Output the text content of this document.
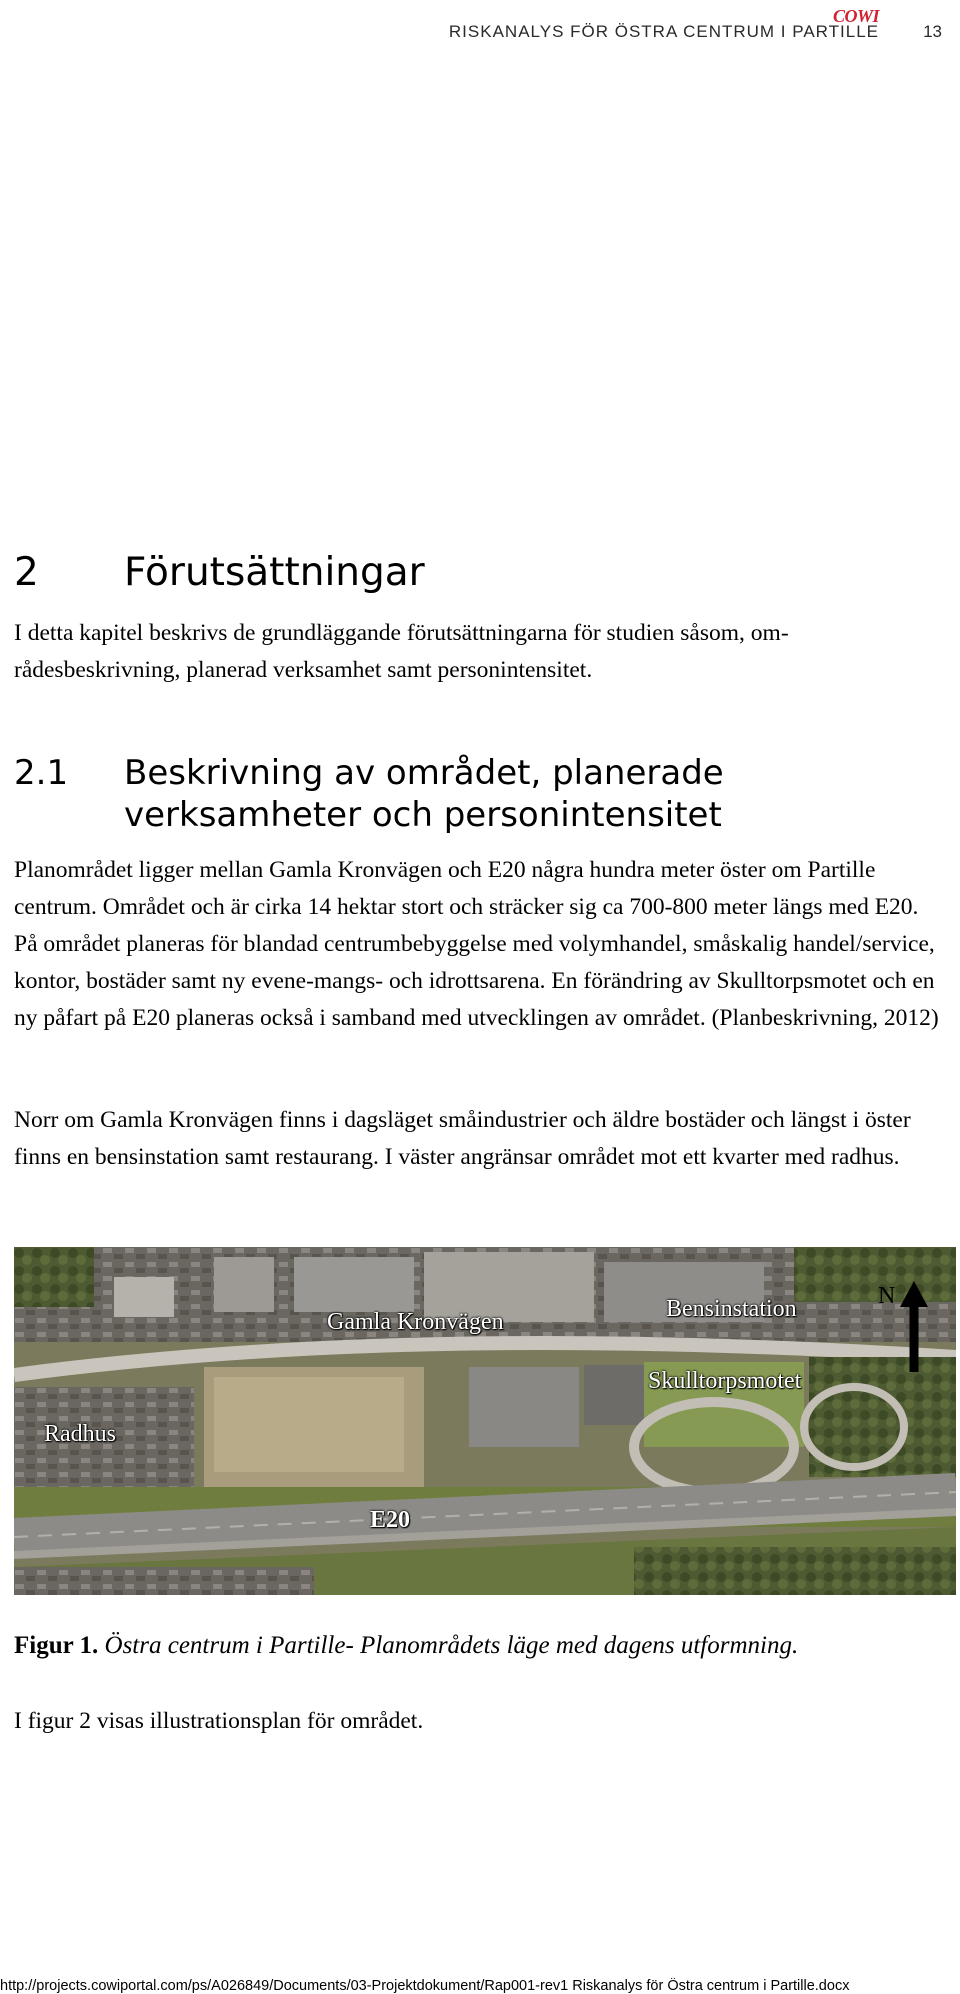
COWI
RISKANALYS FÖR ÖSTRA CENTRUM I PARTILLE	13
2 Förutsättningar

I detta kapitel beskrivs de grundläggande förutsättningarna för studien såsom, om-rådesbeskrivning, planerad verksamhet samt personintensitet.

2.1 Beskrivning av området, planerade
verksamheter och personintensitet

Planområdet ligger mellan Gamla Kronvägen och E20 några hundra meter öster om Partille centrum. Området och är cirka 14 hektar stort och sträcker sig ca 700-800 meter längs med E20. På området planeras för blandad centrumbebyggelse med volymhandel, småskalig handel/service, kontor, bostäder samt ny evene-mangs- och idrottsarena. En förändring av Skulltorpsmotet och en ny påfart på E20 planeras också i samband med utvecklingen av området. (Planbeskrivning, 2012)

Norr om Gamla Kronvägen finns i dagsläget småindustrier och äldre bostäder och längst i öster finns en bensinstation samt restaurang. I väster angränsar området mot ett kvarter med radhus.

Gamla Kronvägen	Bensinstation
Skulltorpsmotet
Radhus
E20
N

Figur 1. Östra centrum i Partille- Planområdets läge med dagens utformning.

I figur 2 visas illustrationsplan för området.

http://projects.cowiportal.com/ps/A026849/Documents/03-Projektdokument/Rap001-rev1 Riskanalys för Östra centrum i Partille.docx
